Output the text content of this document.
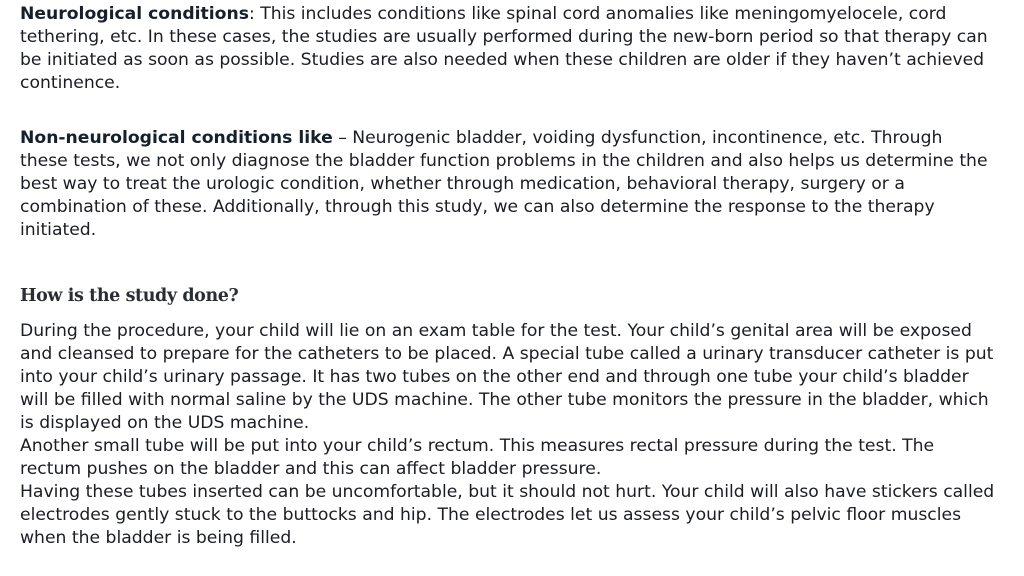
Neurological conditions: This includes conditions like spinal cord anomalies like meningomyelocele, cord tethering, etc. In these cases, the studies are usually performed during the new-born period so that therapy can be initiated as soon as possible. Studies are also needed when these children are older if they haven’t achieved continence.

Non-neurological conditions like – Neurogenic bladder, voiding dysfunction, incontinence, etc. Through these tests, we not only diagnose the bladder function problems in the children and also helps us determine the best way to treat the urologic condition, whether through medication, behavioral therapy, surgery or a combination of these. Additionally, through this study, we can also determine the response to the therapy initiated.

How is the study done?

During the procedure, your child will lie on an exam table for the test. Your child’s genital area will be exposed and cleansed to prepare for the catheters to be placed. A special tube called a urinary transducer catheter is put into your child’s urinary passage. It has two tubes on the other end and through one tube your child’s bladder will be filled with normal saline by the UDS machine. The other tube monitors the pressure in the bladder, which is displayed on the UDS machine.

Another small tube will be put into your child’s rectum. This measures rectal pressure during the test. The rectum pushes on the bladder and this can affect bladder pressure.

Having these tubes inserted can be uncomfortable, but it should not hurt. Your child will also have stickers called electrodes gently stuck to the buttocks and hip. The electrodes let us assess your child’s pelvic floor muscles when the bladder is being filled.
